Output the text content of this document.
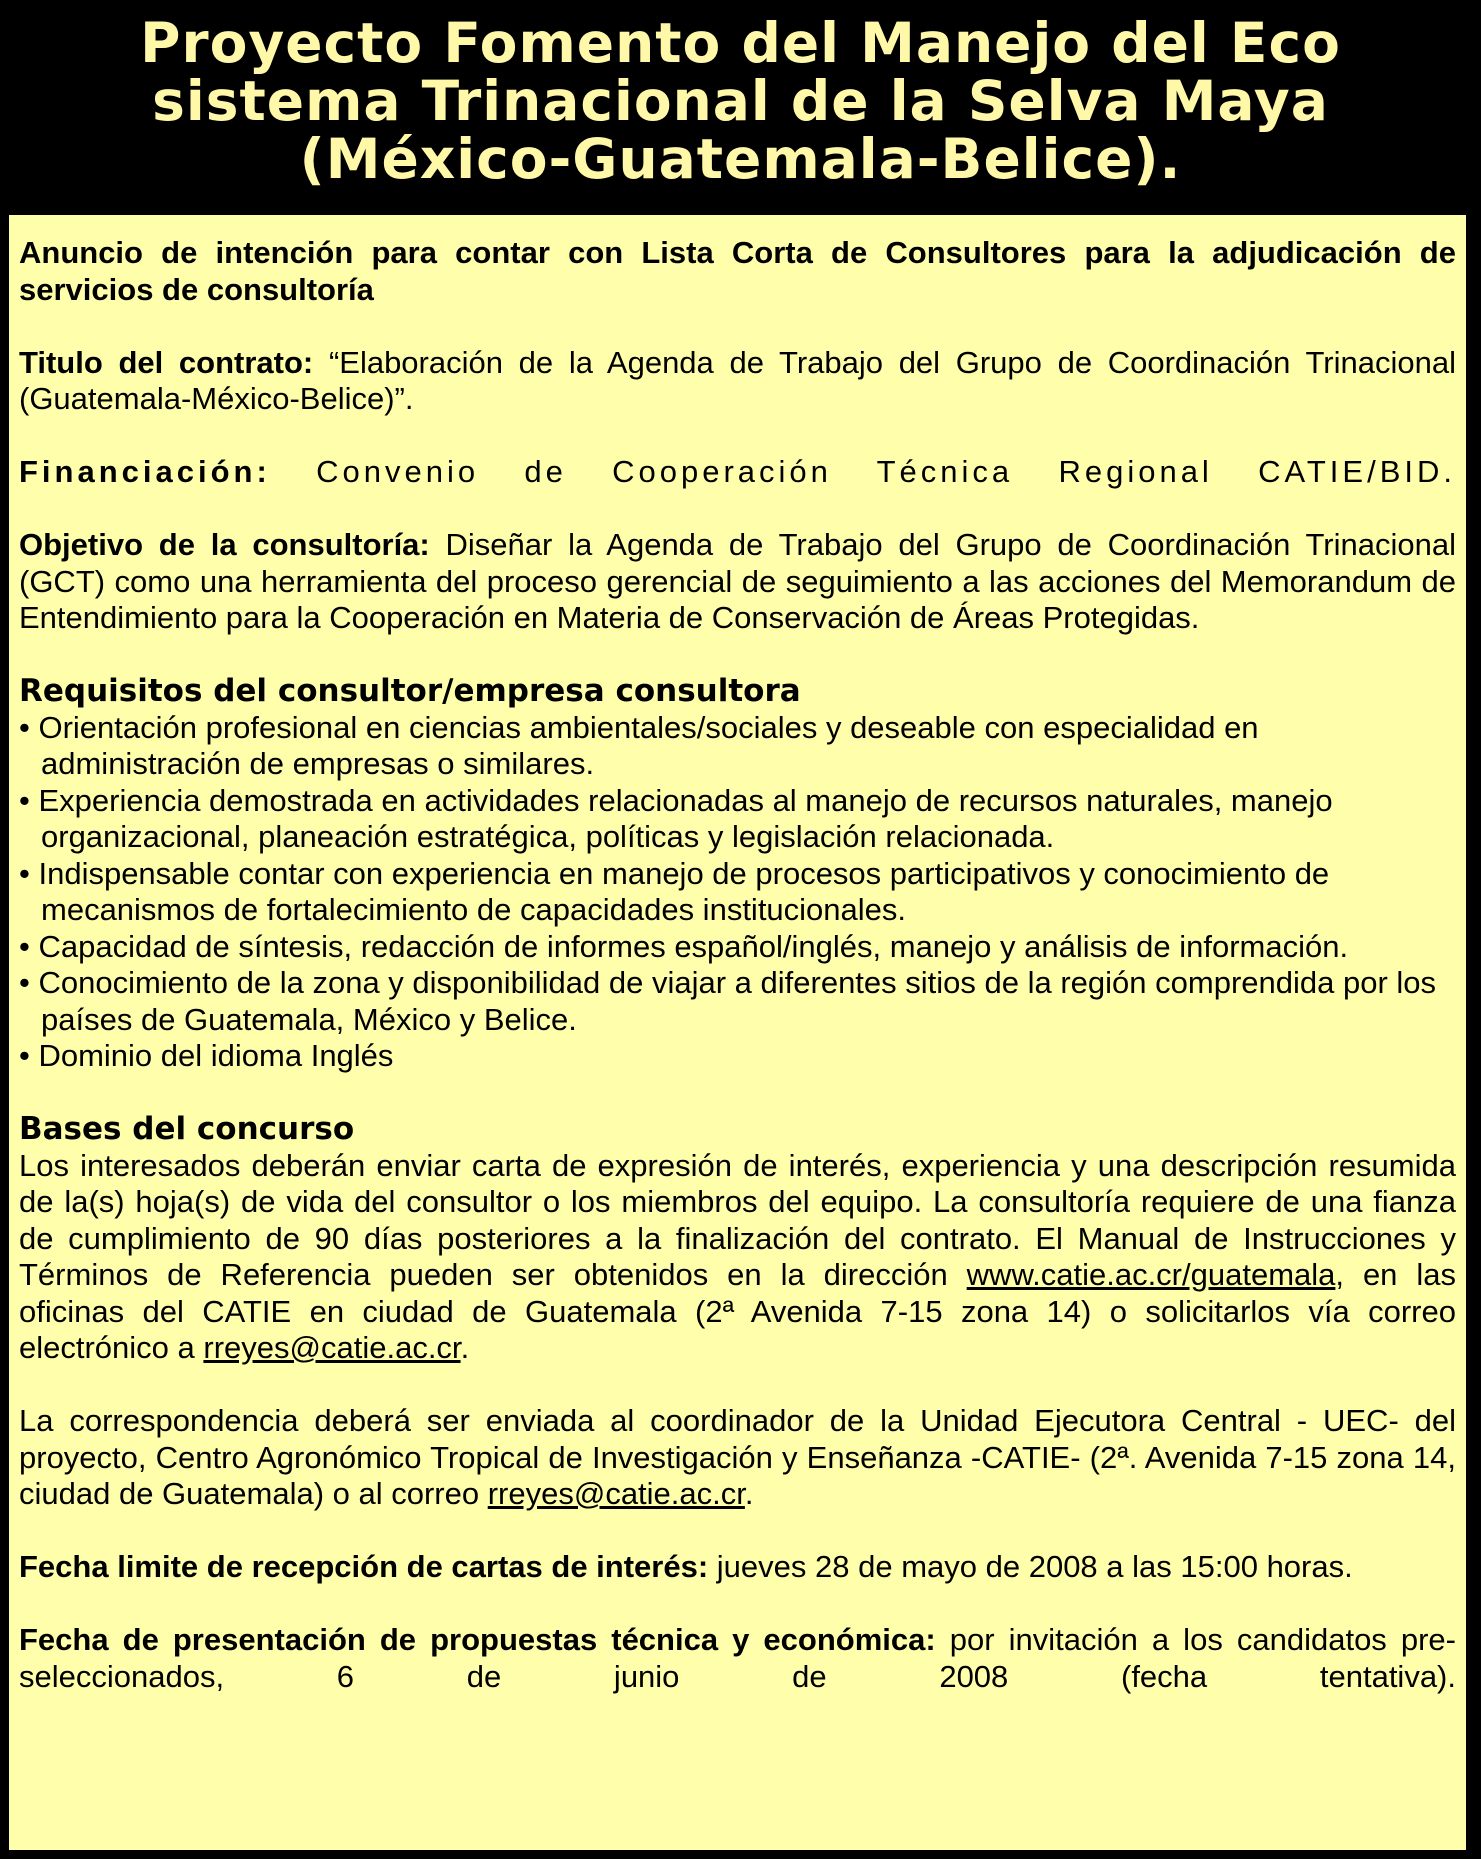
Proyecto Fomento del Manejo del Eco
sistema Trinacional de la Selva Maya
(México-Guatemala-Belice).

Anuncio de intención para contar con Lista Corta de Consultores para la adjudicación de servicios de consultoría

Titulo del contrato: “Elaboración de la Agenda de Trabajo del Grupo de Coordinación Trinacional (Guatemala-México-Belice)”.

Financiación: Convenio de Cooperación Técnica Regional CATIE/BID.

Objetivo de la consultoría: Diseñar la Agenda de Trabajo del Grupo de Coordinación Trinacional (GCT) como una herramienta del proceso gerencial de seguimiento a las acciones del Memorandum de Entendimiento para la Cooperación en Materia de Conservación de Áreas Protegidas.

Requisitos del consultor/empresa consultora

• Orientación profesional en ciencias ambientales/sociales y deseable con especialidad en administración de empresas o similares.
• Experiencia demostrada en actividades relacionadas al manejo de recursos naturales, manejo organizacional, planeación estratégica, políticas y legislación relacionada.
• Indispensable contar con experiencia en manejo de procesos participativos y conocimiento de mecanismos de fortalecimiento de capacidades institucionales.
• Capacidad de síntesis, redacción de informes español/inglés, manejo y análisis de información.
• Conocimiento de la zona y disponibilidad de viajar a diferentes sitios de la región comprendida por los países de Guatemala, México y Belice.
• Dominio del idioma Inglés

Bases del concurso

Los interesados deberán enviar carta de expresión de interés, experiencia y una descripción resumida de la(s) hoja(s) de vida del consultor o los miembros del equipo. La consultoría requiere de una fianza de cumplimiento de 90 días posteriores a la finalización del contrato. El Manual de Instrucciones y Términos de Referencia pueden ser obtenidos en la dirección www.catie.ac.cr/guatemala, en las oficinas del CATIE en ciudad de Guatemala (2ª Avenida 7-15 zona 14) o solicitarlos vía correo electrónico a rreyes@catie.ac.cr.

La correspondencia deberá ser enviada al coordinador de la Unidad Ejecutora Central - UEC- del proyecto, Centro Agronómico Tropical de Investigación y Enseñanza -CATIE- (2ª. Avenida 7-15 zona 14, ciudad de Guatemala) o al correo rreyes@catie.ac.cr.

Fecha limite de recepción de cartas de interés: jueves 28 de mayo de 2008 a las 15:00 horas.

Fecha de presentación de propuestas técnica y económica: por invitación a los candidatos pre-seleccionados, 6 de junio de 2008 (fecha tentativa).
